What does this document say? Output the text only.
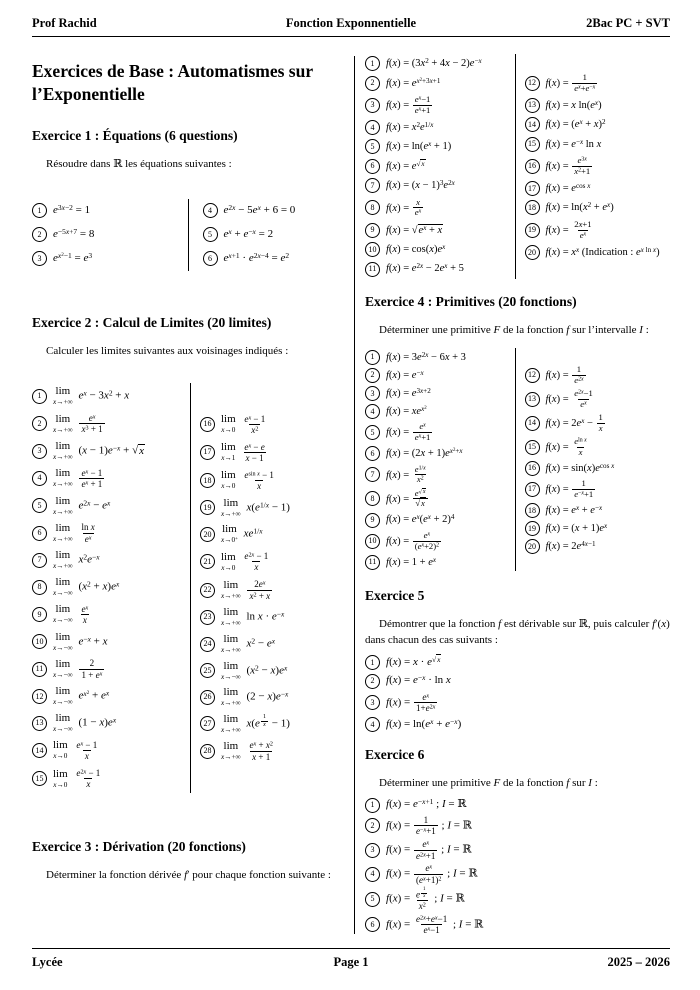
Prof Rachid	Fonction Exponnentielle	2Bac PC + SVT
Exercices de Base : Automatismes sur l’Exponentielle
Exercice 1 : Équations (6 questions)

Résoudre dans ℝ les équations suivantes :

1	$e^{3x-2} = 1$
2	$e^{-5x+7} = 8$
3	$e^{x^2-1} = e^3$
4	$e^{2x} - 5e^x + 6 = 0$
5	$e^x + e^{-x} = 2$
6	$e^{x+1} \cdot e^{2x-4} = e^2$
Exercice 2 : Calcul de Limites (20 limites)

Calculer les limites suivantes aux voisinages indiqués :

1	lim
x→+∞
$e^x - 3x^2 + x$
2	lim
x→+∞
$\frac{e^x}{x^3 + 1}$
3	lim
x→+∞
$(x - 1)e^{-x} + √x$
4	lim
x→+∞
$\frac{e^x - 1}{e^x + 1}$
5	lim
x→+∞
$e^{2x} - e^x$
6	lim
x→+∞
$\frac{\text{ln x}}{e^x}$
7	lim
x→+∞
$x^2e^{-x}$
8	lim
x→−∞
$(x^2 + x)e^x$
9	lim
x→−∞
$\frac{e^x}{x}$
10	lim
x→−∞
$e^{-x} + x$
11	lim
x→−∞
$\frac{2}{1 + e^x}$
12	lim
x→−∞
$e^{x^2} + e^x$
13	lim
x→−∞
$(1 - x)e^x$
14 lim
x→0
$\frac{e^x - 1}{x}$
15 lim
x→0
$\frac{e^{2x} - 1}{x}$
16 lim
x→0
$\frac{e^x - 1}{x^2}$
17 lim
x→1
$\frac{e^x - e}{x - 1}$
18 lim
x→0
$\frac{e^{sin x} - 1}{x}$
19	lim
x→+∞
$x(e^{1/x} - 1)$
20 lim
x→0+ $xe^{1/x}$
21 lim
x→0
$\frac{e^{2x} - 1}{x}$
22	lim
x→+∞
$\frac{2e^x}{x^2 + x}$
23	lim
x→+∞
$\ln x \cdot e^{-x}$
24	lim
x→+∞
$x^2 - e^x$
25	lim
x→−∞
$(x^2 - x)e^x$
26	lim
x→+∞
$(2 - x)e^{-x}$
27	lim
x→+∞
x(e $^{\frac{1}{x}}$ − 1)
28	lim
x→+∞
$\frac{e^x + x^2}{x + 1}$
Exercice 3 : Dérivation (20 fonctions)

Déterminer la fonction dérivée f′ pour chaque fonction suivante :

1	$f(x) = (3x^2 + 4x - 2)e^{-x}$
2	$f(x) = e^{x^2+3x+1}$
3	$f(x) = \frac{e^x-1}{e^x+1}$
4	$f(x) = x^2e^{1/x}$
5	$f(x) = \ln(e^x + 1)$
6	$f(x) = e^{√x}$
7	$f(x) = (x - 1)^3e^{2x}$
8	$f(x) = \frac{x}{e^x}$
9	$f(x) = √e^x + x$
10 $f(x) = \cos(x)e^x$
11 $f(x) = e^{2x} - 2e^x + 5$
12 $f(x) = \frac{1}{e^x+e^{-x}}$
13 f(x) = x $\ln(e^x)$
14 $f(x) = (e^x + x)^2$
15 $f(x) = e^{-x}$ ln x
16 $f(x) = \frac{e^{3x}}{x^2+1}$
17 $f(x) = e^{cos x}$
18 $f(x) = \ln(x^2 + e^x)$
19 $f(x) = \frac{2x+1}{e^x}$
20 $f(x) = x^x$ (Indication : $e^{x ln x}$)
Exercice 4 : Primitives (20 fonctions)

Déterminer une primitive F de la fonction f sur l’intervalle I :

1	$f(x) = 3e^{2x} - 6x + 3$
2	$f(x) = e^{-x}$
3	$f(x) = e^{3x+2}$
4	$f(x) = xe^{x^2}$
5	$f(x) = \frac{e^x}{e^x+1}$
6	$f(x) = (2x + 1)e^{x^2+x}$
7	$f(x) = \frac{e^{1/x}}{x^2}$
8	$f(x) = \frac{e^{√x}}{√x}$
9	$f(x) = e^x(e^x + 2)^4$
10 $f(x) = \frac{e^x}{(e^x+2)^2}$
11 $f(x) = 1 + e^x$
12 $f(x) = \frac{1}{e^{2x}}$
13 $f(x) = \frac{e^{2x}-1}{e^x}$
14 $f(x) = 2e^x - \frac{1}{x}$
15 $f(x) = \frac{e^{ln x}}{x}$
16 $f(x) = \sin(x)e^{cos x}$
17 $f(x) = \frac{1}{e^{-x}+1}$
18 $f(x) = e^x + e^{-x}$
19 $f(x) = (x + 1)e^x$
20 $f(x) = 2e^{4x-1}$
Exercice 5

Démontrer que la fonction f est dérivable sur ℝ, puis calculer f′(x) dans chacun des cas suivants :

1	$f(x) = x \cdot e^{√x}$
2	$f(x) = e^{-x} \cdot \ln x$
3	$f(x) = \frac{e^x}{1+e^{2x}}$
4	$f(x) = \ln(e^x + e^{-x})$
Exercice 6

Déterminer une primitive F de la fonction f sur I :

1	$f(x) = e^{-x+1}$ ; I = ℝ
2	$f(x) = \frac{1}{e^{-x}+1}$ ; I = ℝ
3	$f(x) = \frac{e^x}{e^{2x}+1}$ ; I = ℝ
4	$f(x) = \frac{e^x}{(e^x+1)^2}$ ; I = ℝ
5	f(x) = e $^{\frac{1}{x}}$
$x^2$ ; I = ℝ
6	$f(x) = \frac{e^{2x}+e^x-1}{e^x-1}$ ; I = ℝ
Lycée	Page 1	2025 – 2026
